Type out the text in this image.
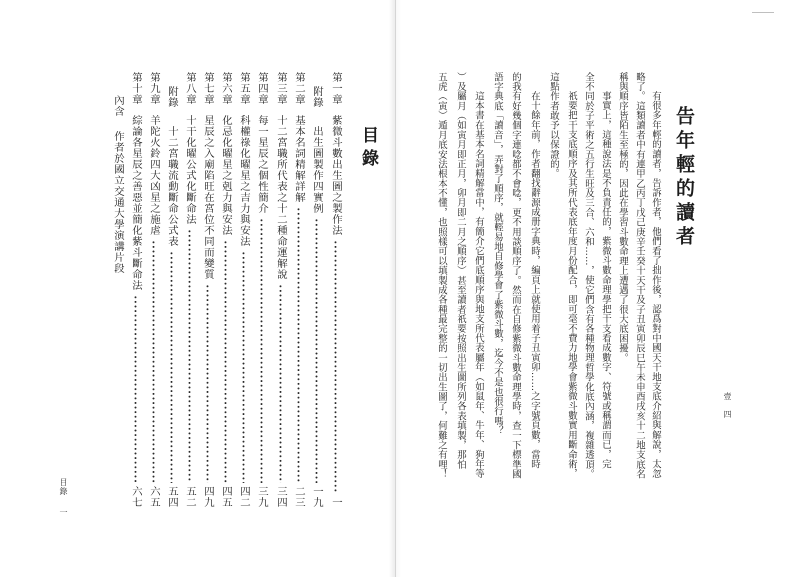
告年輕的讀者
壹　四
有很多年輕的讀者，告訴作者，他們看了拙作後，認爲對中國天干地支底介紹與解說，太忽
略了。這類讀者中有連甲乙丙丁戊己庚辛壬癸十天干及子丑寅卯辰巳午未申酉戌亥十二地支底名
稱與順序皆陌生至極的，因此在學習斗數命理上遭遇了很大底困擾。
事實上，這種說法是不負責任的，紫微斗數命理學把干支看成數字、符號或稱謂而已，完
全不同於子平術之五行生旺及三合、六和……，使它們含有各種物理哲學化底內涵，複雜透頂。
祇要把干支底順序及其所代表底年度月份配合，即可毫不費力地學會紫微斗數實用斷命術，
這點作者敢予以保證的。
在十餘年前，作者翻找辭源成册字典時，編頁上就使用着子丑寅卯……之字號頁數，當時
的我有好幾個字連唸都不會唸，更不用談順序了。然而在自修紫微斗數命理學時，查一下標準國
語字典底「讀音」，弄對了順序，就輕易地自修學會了紫微斗數，迄今不是也很行嗎？
這本書在基本名詞精解當中，有簡介它們底順序與地支所代表屬年（如鼠年、牛年、狗年等
）及屬月（如寅月即正月，卯月即二月之順序）甚至讀者祇要按照出生圖所列各表填製，那怕
五虎（寅）遁月底安法根本不懂，也照樣可以填製成各種最完整的一切出生圖了，何難之有哩！
目錄
第一章
紫微斗數出生圖之製作法
一
附錄
出生圖製作四實例
一九
第二章
基本名詞精解詳解
二三
第三章
十二宮職所代表之十二種命運解說
三四
第四章
每一星辰之個性簡介
三九
第五章
科權祿化曜星之吉力與安法
四二
第六章
化忌化曜星之剋力與安法
四五
第七章
星辰之入廟陷旺在宮位不同而變質
四九
第八章
十干化曜公式化斷命法
五二
附錄
十二宮職流動斷命公式表
五四
第九章
羊陀火鈴四大凶星之施虐
六五
第十章
綜論各星辰之善惡並簡化紫斗斷命法
六七
內含
作者於國立交通大學演講片段
目錄
一
